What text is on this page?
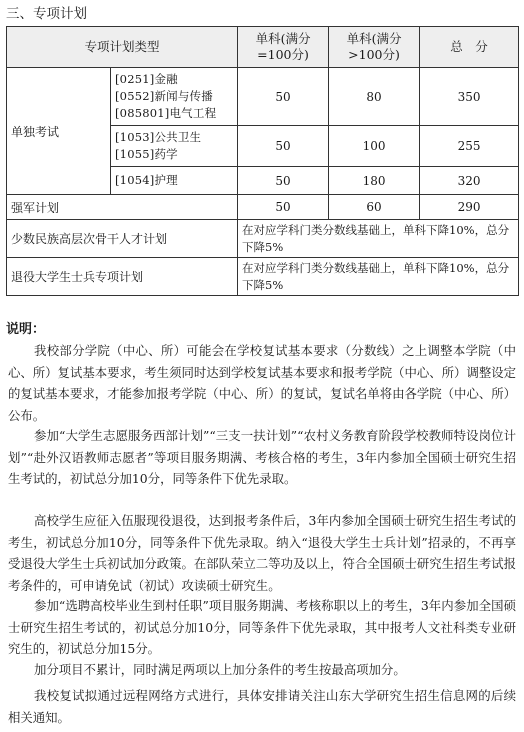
三、专项计划
专项计划类型		单科(满分=100分)	单科(满分>100分)	总　分
单独考试	[0251]金融
[0552]新闻与传播
[085801]电气工程	50	80	350

	[1053]公共卫生
[1055]药学	50	100	255

	[1054]护理	50	180	320
强军计划		50	60	290
少数民族高层次骨干人才计划		在对应学科门类分数线基础上，单科下降10%，总分下降5%		
退役大学生士兵专项计划		在对应学科门类分数线基础上，单科下降10%，总分下降5%		
说明：

我校部分学院（中心、所）可能会在学校复试基本要求（分数线）之上调整本学院（中心、所）复试基本要求，考生须同时达到学校复试基本要求和报考学院（中心、所）调整设定的复试基本要求，才能参加报考学院（中心、所）的复试，复试名单将由各学院（中心、所）公布。

参加“大学生志愿服务西部计划”“三支一扶计划”“农村义务教育阶段学校教师特设岗位计划”“赴外汉语教师志愿者”等项目服务期满、考核合格的考生，3年内参加全国硕士研究生招生考试的，初试总分加10分，同等条件下优先录取。

高校学生应征入伍服现役退役，达到报考条件后，3年内参加全国硕士研究生招生考试的考生，初试总分加10分，同等条件下优先录取。纳入“退役大学生士兵计划”招录的，不再享受退役大学生士兵初试加分政策。在部队荣立二等功及以上，符合全国硕士研究生招生考试报考条件的，可申请免试（初试）攻读硕士研究生。

参加“选聘高校毕业生到村任职”项目服务期满、考核称职以上的考生，3年内参加全国硕士研究生招生考试的，初试总分加10分，同等条件下优先录取，其中报考人文社科类专业研究生的，初试总分加15分。

加分项目不累计，同时满足两项以上加分条件的考生按最高项加分。

我校复试拟通过远程网络方式进行，具体安排请关注山东大学研究生招生信息网的后续相关通知。
